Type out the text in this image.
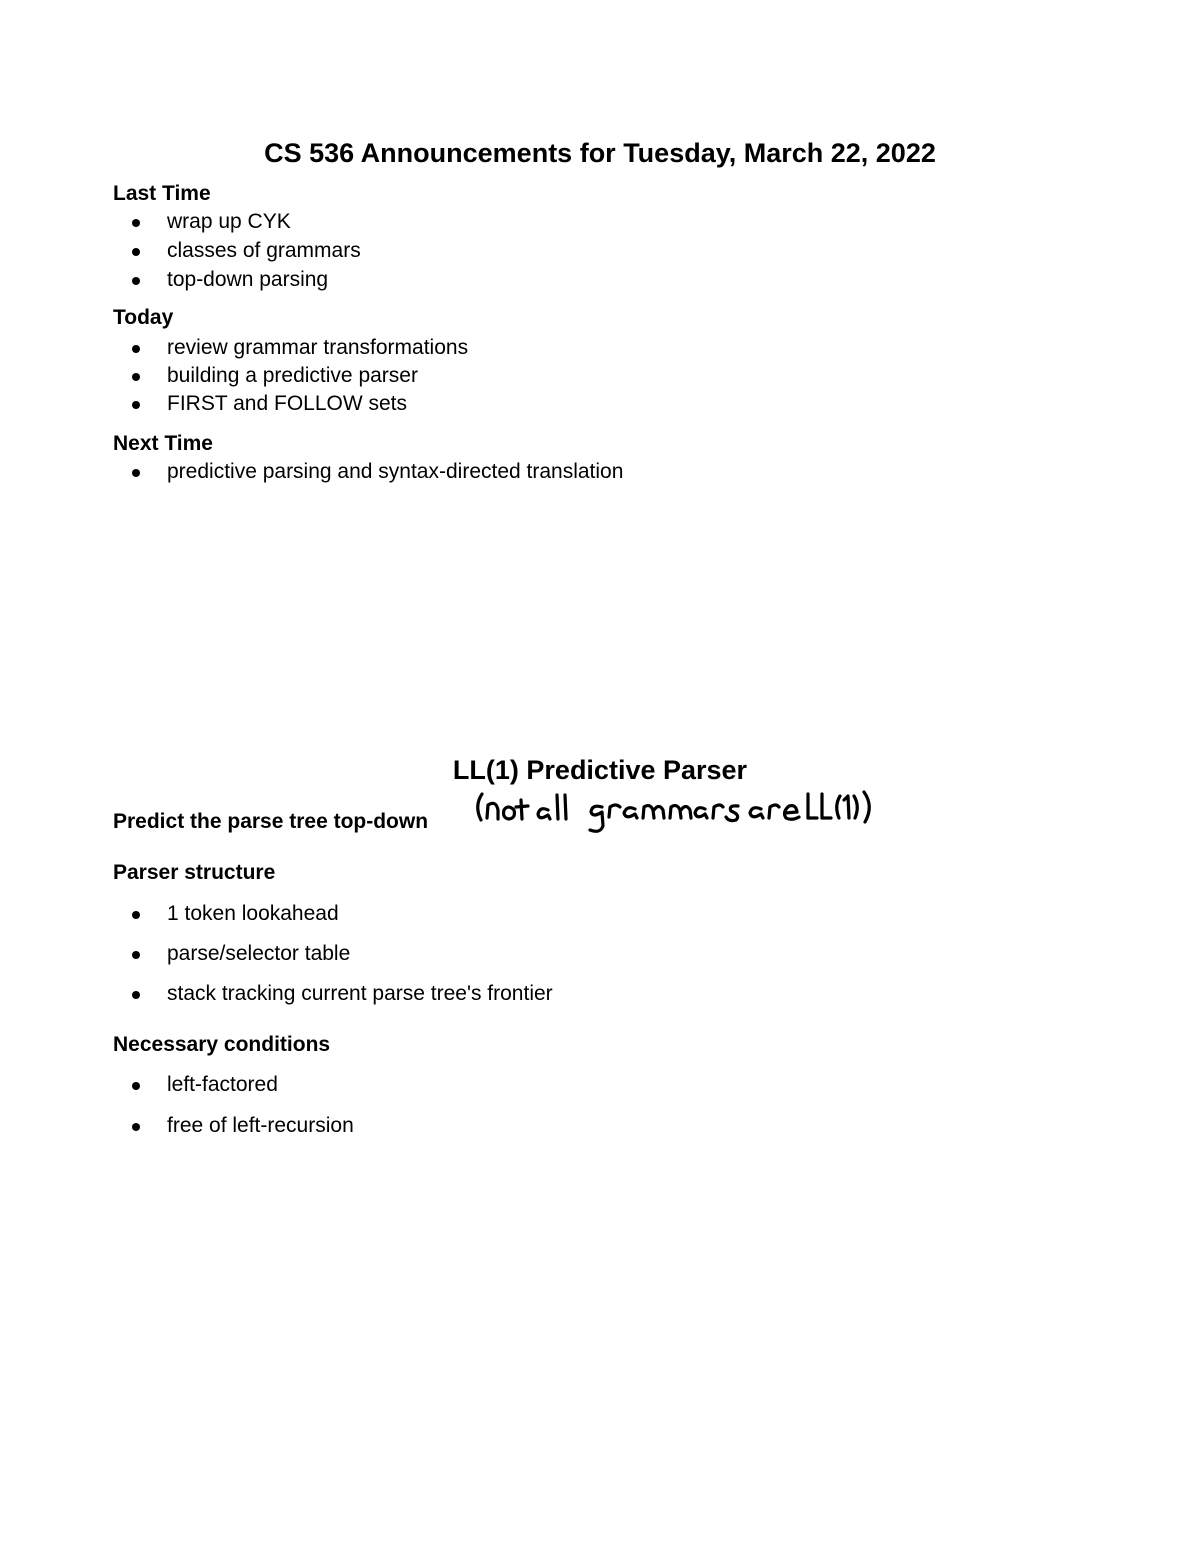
CS 536 Announcements for Tuesday, March 22, 2022
Last Time
wrap up CYK
classes of grammars
top-down parsing
Today
review grammar transformations
building a predictive parser
FIRST and FOLLOW sets
Next Time
predictive parsing and syntax-directed translation
LL(1) Predictive Parser
Predict the parse tree top-down
Parser structure
1 token lookahead
parse/selector table
stack tracking current parse tree's frontier
Necessary conditions
left-factored
free of left-recursion
